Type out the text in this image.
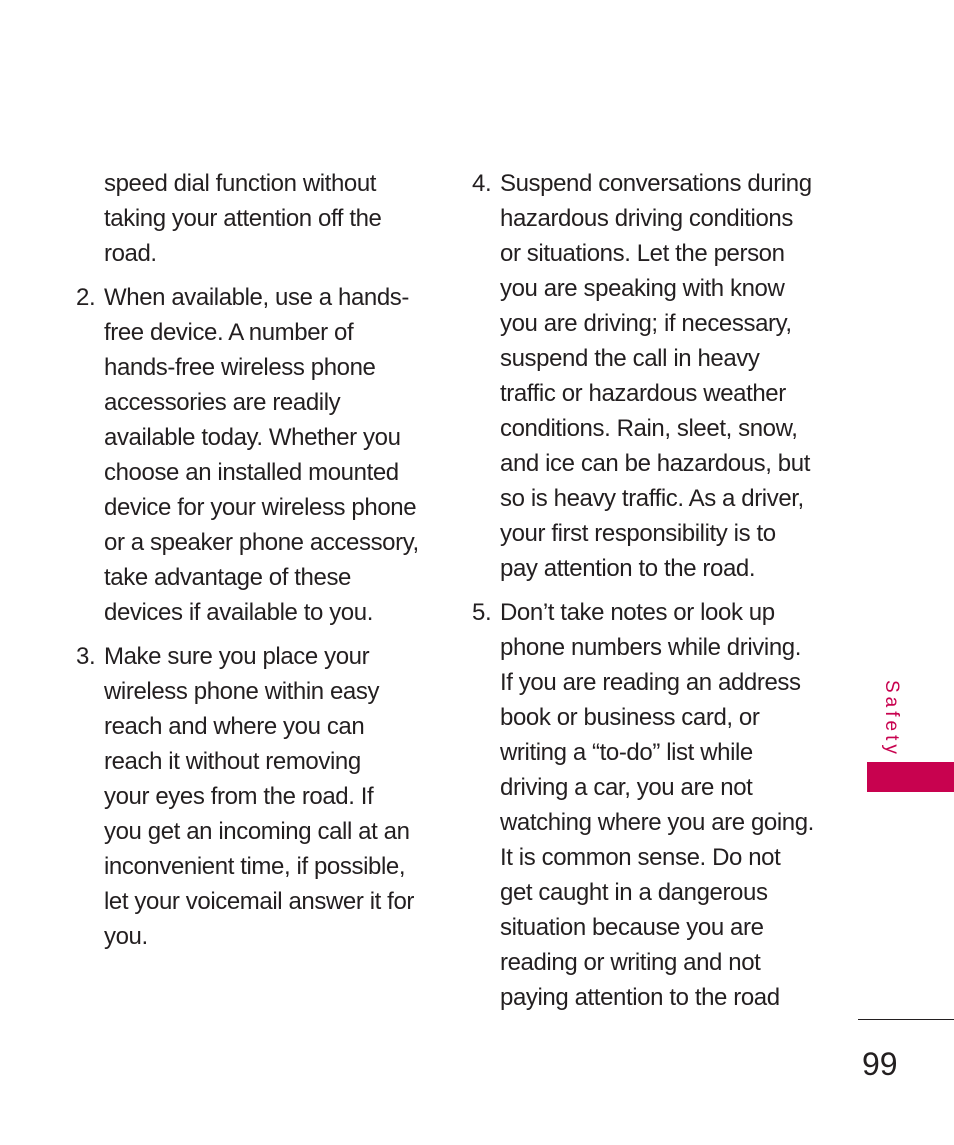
speed dial function without
taking your attention off the
road.
2. When available, use a hands-
free device. A number of
hands-free wireless phone
accessories are readily
available today. Whether you
choose an installed mounted
device for your wireless phone
or a speaker phone accessory,
take advantage of these
devices if available to you.
3. Make sure you place your
wireless phone within easy
reach and where you can
reach it without removing
your eyes from the road. If
you get an incoming call at an
inconvenient time, if possible,
let your voicemail answer it for
you.
4. Suspend conversations during
hazardous driving conditions
or situations. Let the person
you are speaking with know
you are driving; if necessary,
suspend the call in heavy
traffic or hazardous weather
conditions. Rain, sleet, snow,
and ice can be hazardous, but
so is heavy traffic. As a driver,
your first responsibility is to
pay attention to the road.
5. Don’t take notes or look up
phone numbers while driving.
If you are reading an address
book or business card, or
writing a “to-do” list while
driving a car, you are not
watching where you are going.
It is common sense. Do not
get caught in a dangerous
situation because you are
reading or writing and not
paying attention to the road
Safety
99
